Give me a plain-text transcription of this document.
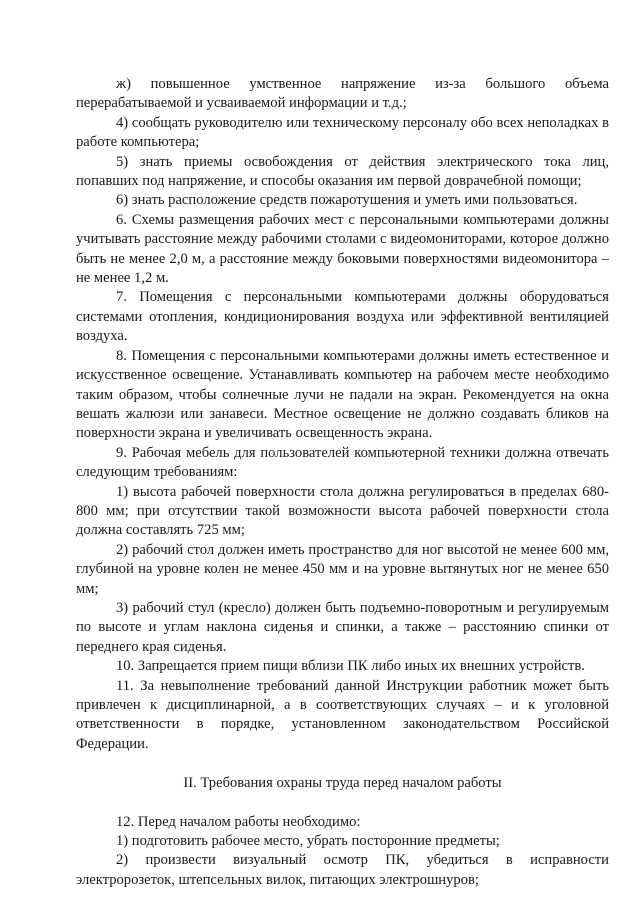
ж) повышенное умственное напряжение из-за большого объема перерабатываемой и усваиваемой информации и т.д.;

4) сообщать руководителю или техническому персоналу обо всех неполадках в работе компьютера;

5) знать приемы освобождения от действия электрического тока лиц, попавших под напряжение, и способы оказания им первой доврачебной помощи;

6) знать расположение средств пожаротушения и уметь ими пользоваться.

6. Схемы размещения рабочих мест с персональными компьютерами должны учитывать расстояние между рабочими столами с видеомониторами, которое должно быть не менее 2,0 м, а расстояние между боковыми поверхностями видеомонитора – не менее 1,2 м.

7. Помещения с персональными компьютерами должны оборудоваться системами отопления, кондиционирования воздуха или эффективной вентиляцией воздуха.

8. Помещения с персональными компьютерами должны иметь естественное и искусственное освещение. Устанавливать компьютер на рабочем месте необходимо таким образом, чтобы солнечные лучи не падали на экран. Рекомендуется на окна вешать жалюзи или занавеси. Местное освещение не должно создавать бликов на поверхности экрана и увеличивать освещенность экрана.

9. Рабочая мебель для пользователей компьютерной техники должна отвечать следующим требованиям:

1) высота рабочей поверхности стола должна регулироваться в пределах 680-800 мм; при отсутствии такой возможности высота рабочей поверхности стола должна составлять 725 мм;

2) рабочий стол должен иметь пространство для ног высотой не менее 600 мм, глубиной на уровне колен не менее 450 мм и на уровне вытянутых ног не менее 650 мм;

3) рабочий стул (кресло) должен быть подъемно-поворотным и регулируемым по высоте и углам наклона сиденья и спинки, а также – расстоянию спинки от переднего края сиденья.

10. Запрещается прием пищи вблизи ПК либо иных их внешних устройств.

11. За невыполнение требований данной Инструкции работник может быть привлечен к дисциплинарной, а в соответствующих случаях – и к уголовной ответственности в порядке, установленном законодательством Российской Федерации.

II. Требования охраны труда перед началом работы

12. Перед началом работы необходимо:

1) подготовить рабочее место, убрать посторонние предметы;

2) произвести визуальный осмотр ПК, убедиться в исправности электророзеток, штепсельных вилок, питающих электрошнуров;
